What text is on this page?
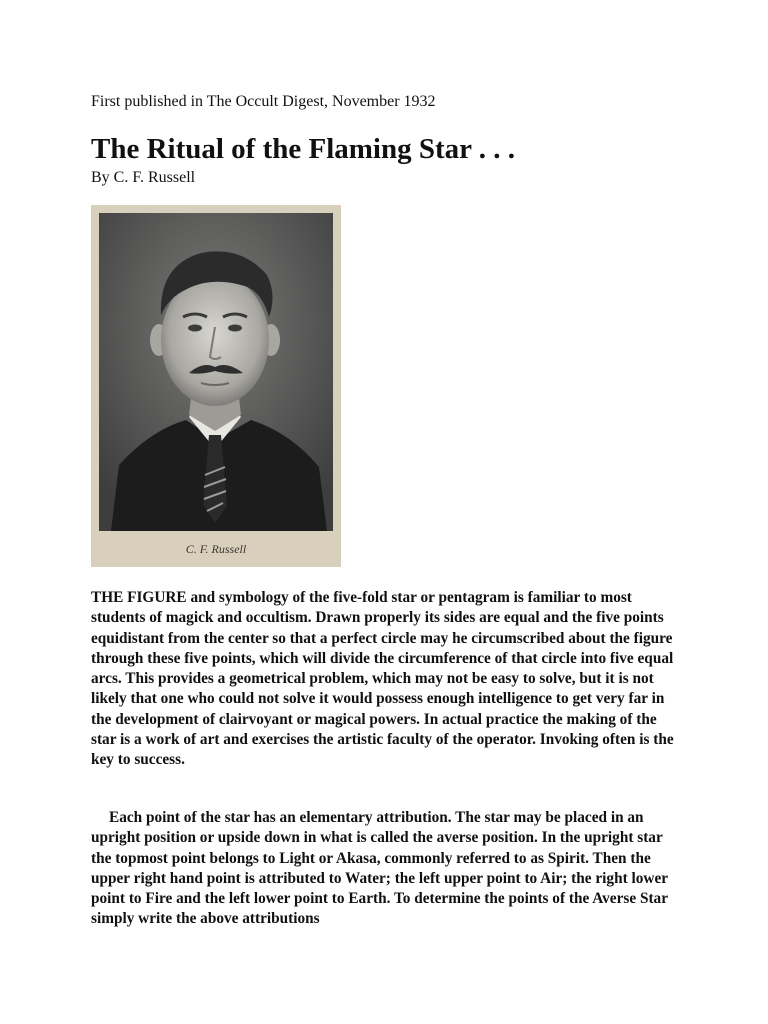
First published in The Occult Digest, November 1932
The Ritual of the Flaming Star . . .
By C. F. Russell
C. F. Russell

THE FIGURE and symbology of the five-fold star or pentagram is familiar to most students of magick and occultism. Drawn properly its sides are equal and the five points equidistant from the center so that a perfect circle may he circumscribed about the figure through these five points, which will divide the circumference of that circle into five equal arcs. This provides a geometrical problem, which may not be easy to solve, but it is not likely that one who could not solve it would possess enough intelligence to get very far in the development of clairvoyant or magical powers. In actual practice the making of the star is a work of art and exercises the artistic faculty of the operator. Invoking often is the key to success.

Each point of the star has an elementary attribution. The star may be placed in an upright position or upside down in what is called the averse position. In the upright star the topmost point belongs to Light or Akasa, commonly referred to as Spirit. Then the upper right hand point is attributed to Water; the left upper point to Air; the right lower point to Fire and the left lower point to Earth. To determine the points of the Averse Star simply write the above attributions
